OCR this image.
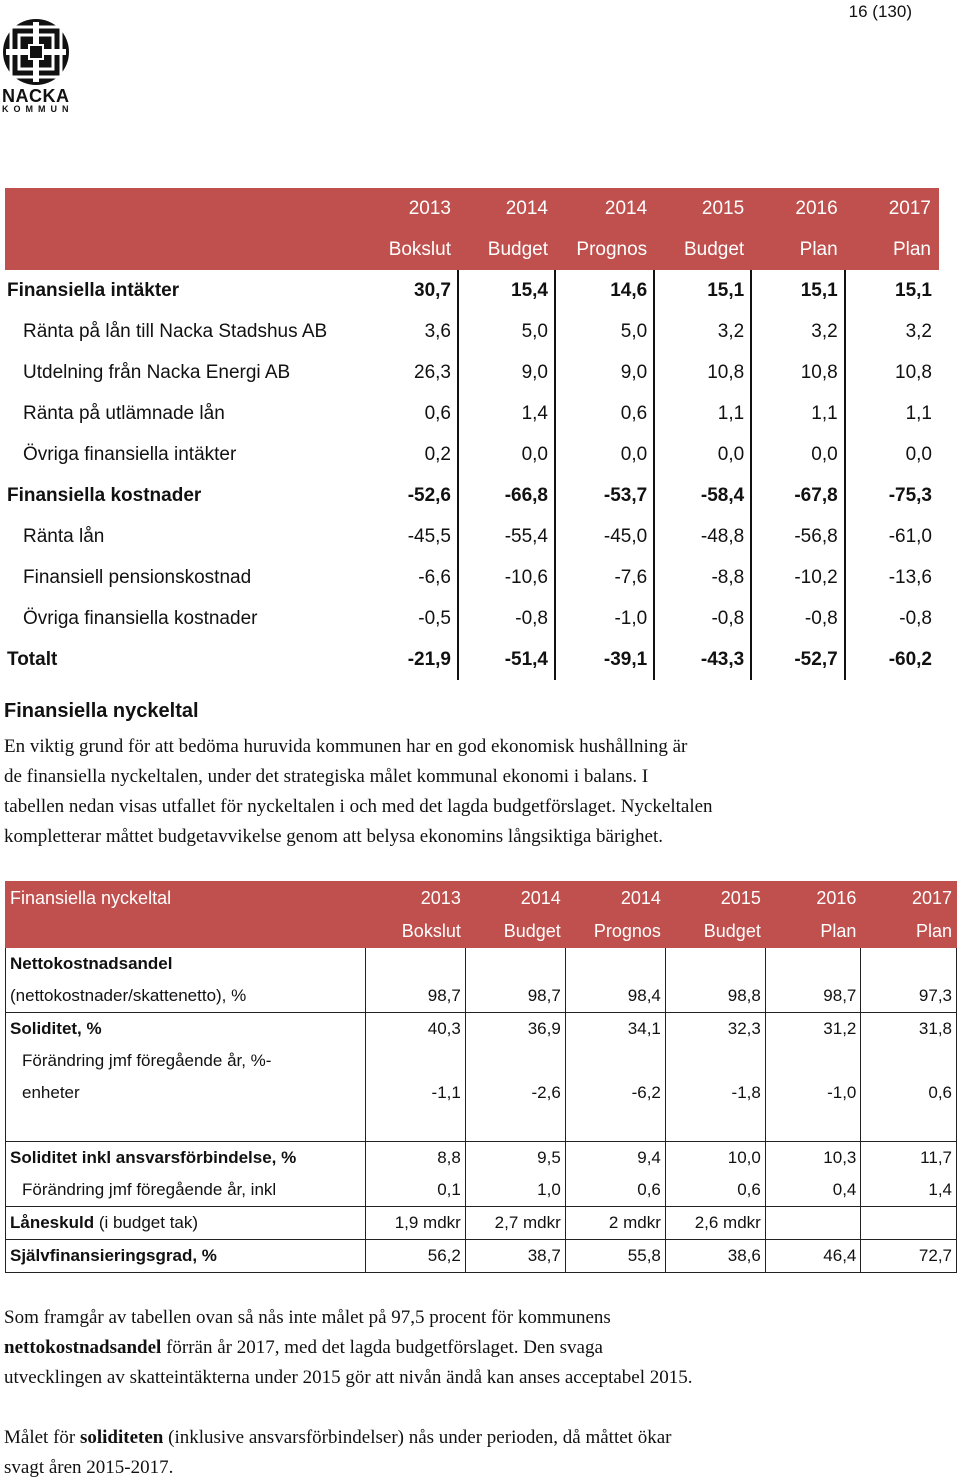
16 (130)
NACKA
KOMMUN
	2013	2014	2014	2015	2016	2017
	Bokslut	Budget	Prognos	Budget	Plan	Plan
Finansiella intäkter	30,7	15,4	14,6	15,1	15,1	15,1
Ränta på lån till Nacka Stadshus AB	3,6	5,0	5,0	3,2	3,2	3,2
Utdelning från Nacka Energi AB	26,3	9,0	9,0	10,8	10,8	10,8
Ränta på utlämnade lån	0,6	1,4	0,6	1,1	1,1	1,1
Övriga finansiella intäkter	0,2	0,0	0,0	0,0	0,0	0,0
Finansiella kostnader	-52,6	-66,8	-53,7	-58,4	-67,8	-75,3
Ränta lån	-45,5	-55,4	-45,0	-48,8	-56,8	-61,0
Finansiell pensionskostnad	-6,6	-10,6	-7,6	-8,8	-10,2	-13,6
Övriga finansiella kostnader	-0,5	-0,8	-1,0	-0,8	-0,8	-0,8
Totalt	-21,9	-51,4	-39,1	-43,3	-52,7	-60,2
Finansiella nyckeltal
En viktig grund för att bedöma huruvida kommunen har en god ekonomisk hushållning är
de finansiella nyckeltalen, under det strategiska målet kommunal ekonomi i balans. I
tabellen nedan visas utfallet för nyckeltalen i och med det lagda budgetförslaget. Nyckeltalen
kompletterar måttet budgetavvikelse genom att belysa ekonomins långsiktiga bärighet.
Finansiella nyckeltal	2013	2014	2014	2015	2016	2017
	Bokslut	Budget	Prognos	Budget	Plan	Plan
Nettokostnadsandel						
(nettokostnader/skattenetto), %	98,7	98,7	98,4	98,8	98,7	97,3
Soliditet, %	40,3	36,9	34,1	32,3	31,2	31,8
Förändring jmf föregående år, %-						
enheter	-1,1	-2,6	-6,2	-1,8	-1,0	0,6

Soliditet inkl ansvarsförbindelse, %	8,8	9,5	9,4	10,0	10,3	11,7
Förändring jmf föregående år, inkl	0,1	1,0	0,6	0,6	0,4	1,4
Låneskuld (i budget tak)	1,9 mdkr	2,7 mdkr	2 mdkr	2,6 mdkr		
Självfinansieringsgrad, %	56,2	38,7	55,8	38,6	46,4	72,7
Som framgår av tabellen ovan så nås inte målet på 97,5 procent för kommunens
nettokostnadsandel förrän år 2017, med det lagda budgetförslaget. Den svaga
utvecklingen av skatteintäkterna under 2015 gör att nivån ändå kan anses acceptabel 2015.
Målet för soliditeten (inklusive ansvarsförbindelser) nås under perioden, då måttet ökar
svagt åren 2015-2017.
